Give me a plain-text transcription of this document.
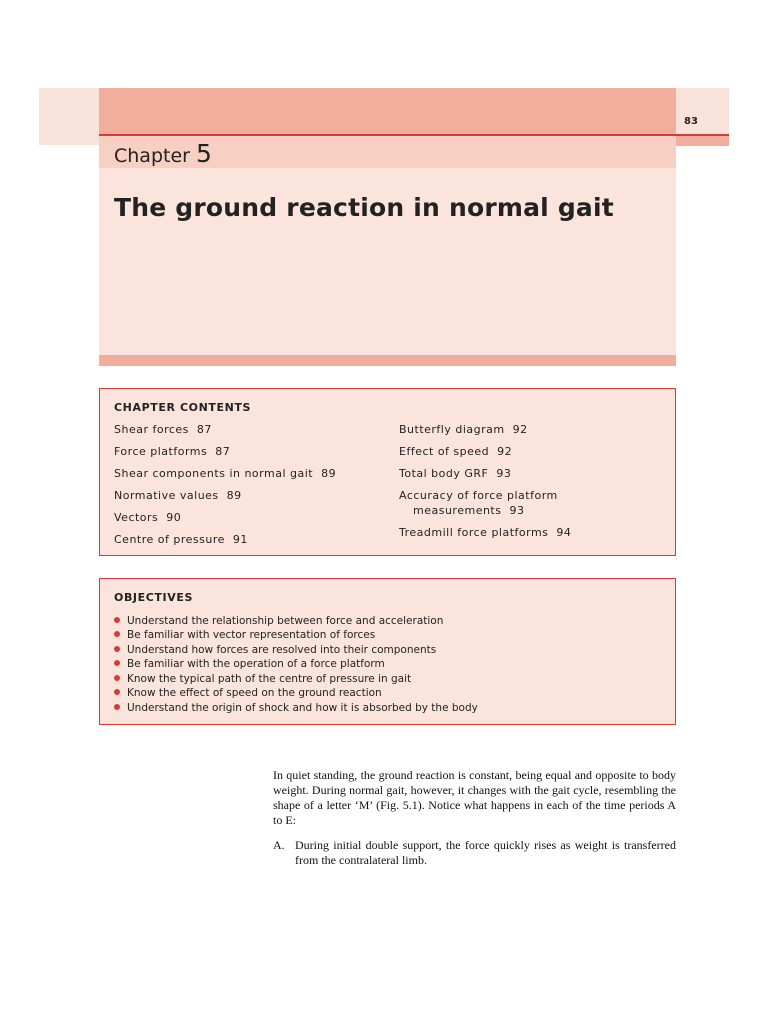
83
Chapter 5
The ground reaction in normal gait
CHAPTER CONTENTS
Shear forces 87
Force platforms 87
Shear components in normal gait 89
Normative values 89
Vectors 90
Centre of pressure 91
Butterfly diagram 92
Effect of speed 92
Total body GRF 93
Accuracy of force platform
measurements 93
Treadmill force platforms 94
OBJECTIVES
Understand the relationship between force and acceleration
Be familiar with vector representation of forces
Understand how forces are resolved into their components
Be familiar with the operation of a force platform
Know the typical path of the centre of pressure in gait
Know the effect of speed on the ground reaction
Understand the origin of shock and how it is absorbed by the body

In quiet standing, the ground reaction is constant, being equal and opposite to body weight. During normal gait, however, it changes with the gait cycle, resembling the shape of a letter ‘M’ (Fig. 5.1). Notice what happens in each of the time periods A to E:

A. During initial double support, the force quickly rises as weight is transferred from the contralateral limb.
